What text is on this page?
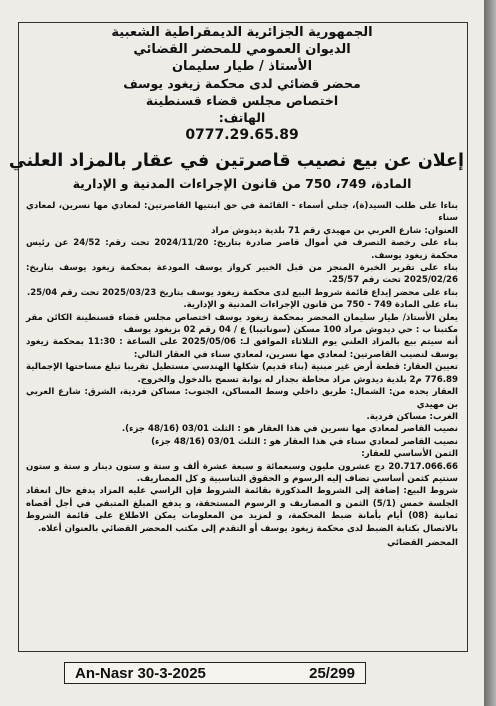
الجمهورية الجزائرية الديمقراطية الشعبية
الديوان العمومي للمحضر القضائي
الأستاذ / طيار سليمان
محضر قضائي لدى محكمة زيغود يوسف
اختصاص مجلس قضاء قسنطينة
الهاتف:
0777.29.65.89
إعلان عن بيع نصيب قاصرتين في عقار بالمزاد العلني
المادة، 749، 750 من قانون الإجراءات المدنية و الإدارية

بناءا على طلب السيد(ة)، جنلي أسماء - القائمة في حق ابنتيها القاصرتين: لمعادي مها نسرين، لمعادي سناء

العنوان: شارع العربي بن مهيدي رقم 71 بلدية ديدوش مراد

بناء على رخصة التصرف في أموال قاصر صادرة بتاريخ: 2024/11/20 تحت رقم: 24/52 عن رئيس محكمة زيغود يوسف.

بناء على تقرير الخبرة المنجز من قبل الخبير كرواز يوسف المودعة بمحكمة زيغود يوسف بتاريخ: 2025/02/26 تحت رقم 25/57.

بناء على محضر إيداع قائمة شروط البيع لدى محكمة زيغود يوسف بتاريخ 2025/03/23 تحت رقم 25/04.

بناء على المادة 749 - 750 من قانون الإجراءات المدنية و الإدارية.

يعلن الأستاذ/ طيار سليمان المحضر بمحكمة زيغود يوسف اختصاص مجلس قضاء قسنطينة الكائن مقر مكتبنا ب : حي ديدوش مراد 100 مسكن (سوناتيبا) ع / 04 رقم 02 بزيغود يوسف

أنه سيتم بيع بالمزاد العلني يوم الثلاثاء الموافق لـ: 2025/05/06 على الساعة : 11:30 بمحكمة زيغود يوسف لنصيب القاصرتين: لمعادي مها نسرين، لمعادي سناء في العقار التالي:

تعيين العقار: قطعة أرض غير مبنية (بناء قديم) شكلها الهندسي مستطيل تقريبا تبلغ مساحتها الإجمالية 776.89 م2 بلدية ديدوش مراد محاطة بجدار له بوابة تسمح بالدخول والخروج.

العقار يحده من: الشمال: طريق داخلي وسط المساكن، الجنوب: مساكن فردية، الشرق: شارع العربي بن مهيدي

الغرب: مساكن فردية.

نصيب القاصر لمعادي مها نسرين في هذا العقار هو : الثلث 03/01 (48/16 جزء).

نصيب القاصر لمعادي سناء في هذا العقار هو : الثلث 03/01 (48/16 جزء)

الثمن الأساسي للعقار:

20.717.066.66 دج عشرون مليون وسبعمائة و سبعة عشرة ألف و ستة و ستون دينار و ستة و ستون سنتيم كثمن أساسي تضاف إليه الرسوم و الحقوق التناسبية و كل المصاريف.

شروط البيع: إضافة إلى الشروط المذكورة بقائمة الشروط فإن الراسي عليه المزاد يدفع حال انعقاد الجلسة خمس (5/1) الثمن و المصاريف و الرسوم المستحقة، و يدفع المبلغ المتبقي في أجل أقصاه ثمانية (08) أيام بأمانة ضبط المحكمة، و لمزيد من المعلومات يمكن الاطلاع على قائمة الشروط بالاتصال بكتابة الضبط لدى محكمة زيغود يوسف أو التقدم إلى مكتب المحضر القضائي بالعنوان أعلاه.

المحضر القضائي
An-Nasr 30-3-2025	25/299
